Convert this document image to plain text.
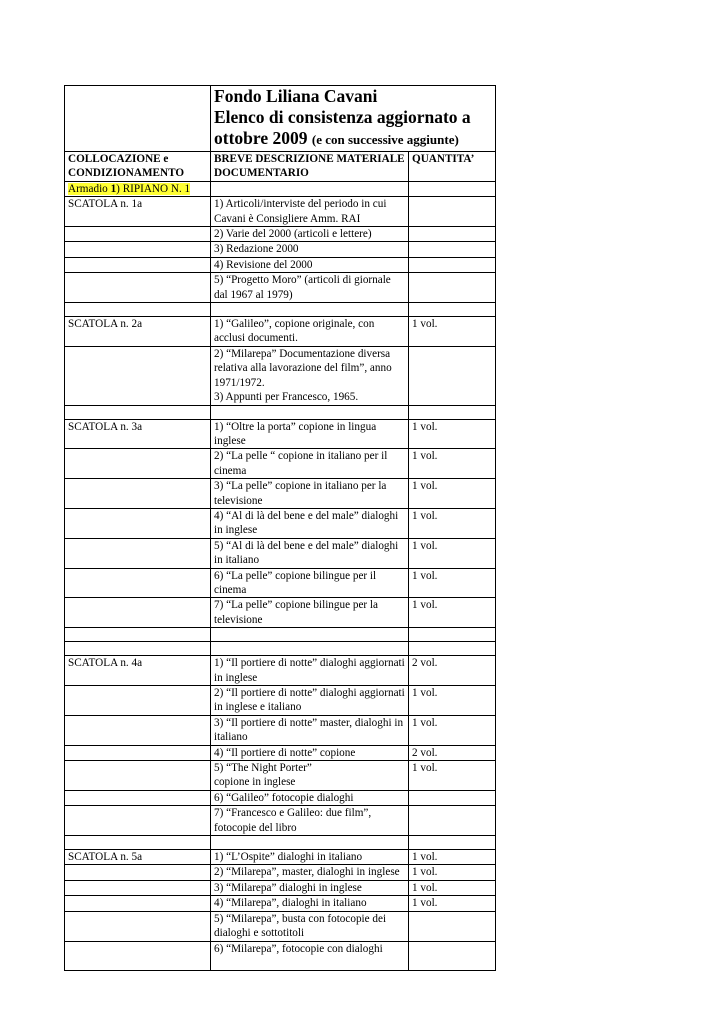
	Fondo Liliana Cavani
Elenco di consistenza aggiornato a
ottobre 2009 (e con successive aggiunte)	

COLLOCAZIONE e CONDIZIONAMENTO	BREVE DESCRIZIONE MATERIALE DOCUMENTARIO	QUANTITA’
Armadio 1) RIPIANO N. 1		
SCATOLA n. 1a	1) Articoli/interviste del periodo in cui Cavani è Consigliere Amm. RAI	
	2) Varie del 2000 (articoli e lettere)	
	3) Redazione 2000	
	4) Revisione del 2000	
	5) “Progetto Moro” (articoli di giornale dal 1967 al 1979)	

SCATOLA n. 2a	1) “Galileo”, copione originale, con acclusi documenti.	1 vol.
	2) “Milarepa” Documentazione diversa relativa alla lavorazione del film”, anno 1971/1972.
3) Appunti per Francesco, 1965.	

SCATOLA n. 3a	1) “Oltre la porta” copione in lingua inglese	1 vol.
	2) “La pelle “ copione in italiano per il cinema	1 vol.
	3) “La pelle” copione in italiano per la televisione	1 vol.
	4) “Al di là del bene e del male” dialoghi in inglese	1 vol.
	5) “Al di là del bene e del male” dialoghi in italiano	1 vol.
	6) “La pelle” copione bilingue per il cinema	1 vol.
	7) “La pelle” copione bilingue per la televisione	1 vol.

SCATOLA n. 4a	1) “Il portiere di notte” dialoghi aggiornati in inglese	2 vol.
	2) “Il portiere di notte” dialoghi aggiornati in inglese e italiano	1 vol.
	3) “Il portiere di notte” master, dialoghi in italiano	1 vol.
	4) “Il portiere di notte” copione	2 vol.
	5) “The Night Porter”
copione in inglese	1 vol.
	6) “Galileo” fotocopie dialoghi	
	7) “Francesco e Galileo: due film”, fotocopie del libro	

SCATOLA n. 5a	1) “L’Ospite” dialoghi in italiano	1 vol.
	2) “Milarepa”, master, dialoghi in inglese	1 vol.
	3) “Milarepa” dialoghi in inglese	1 vol.
	4) “Milarepa”, dialoghi in italiano	1 vol.
	5) “Milarepa”, busta con fotocopie dei dialoghi e sottotitoli	
	6) “Milarepa”, fotocopie con dialoghi	
